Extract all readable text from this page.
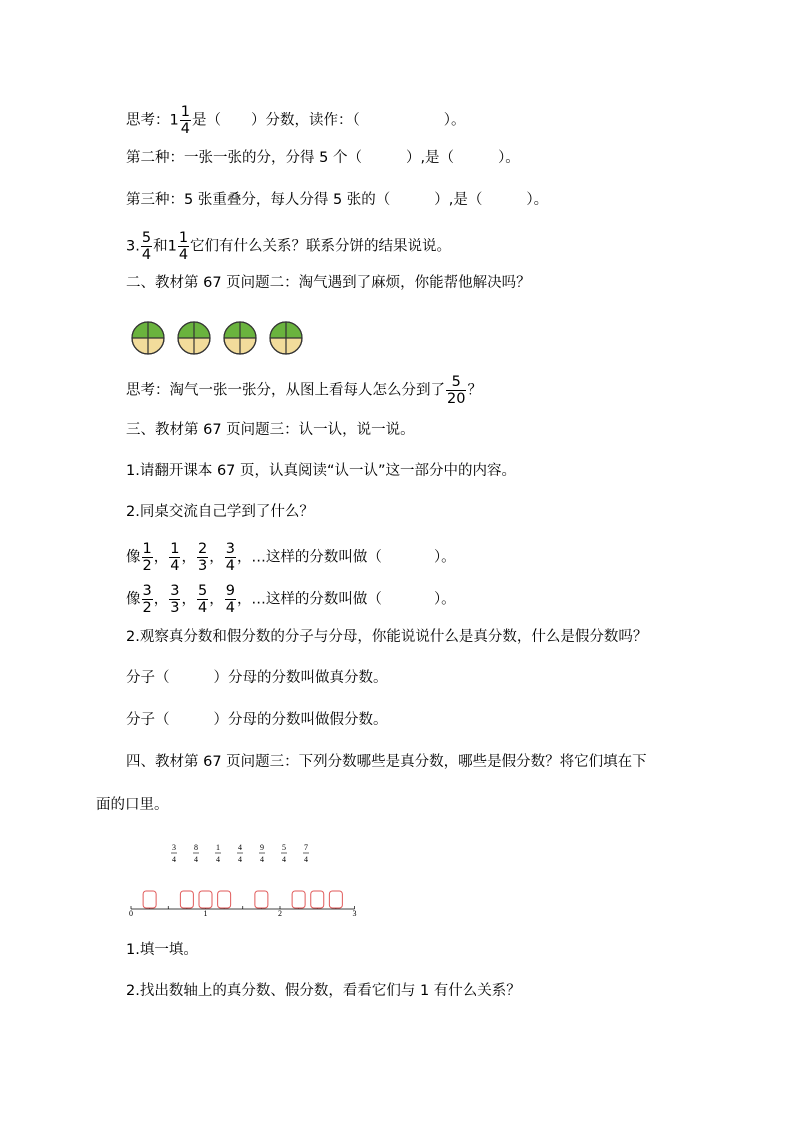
思考：$1 \frac{1}{4}$ 是（ ）分数，读作：（	）。
第二种：一张一张的分，分得 5 个（	）,是（	）。
第三种：5 张重叠分，每人分得 5 张的（	）,是（	）。
3. $\frac{5}{4}$ 和$1 \frac{1}{4}$ 它们有什么关系？联系分饼的结果说说。
二、教材第 67 页问题二：淘气遇到了麻烦，你能帮他解决吗？
思考：淘气一张一张分，从图上看每人怎么分到了 $\frac{5}{20}$ ？
三、教材第 67 页问题三：认一认，说一说。
1.请翻开课本 67 页，认真阅读“认一认”这一部分中的内容。
2.同桌交流自己学到了什么？
像 $\frac{1}{2}$ ， $\frac{1}{4}$ ， $\frac{2}{3}$ ， $\frac{3}{4}$ ，…这样的分数叫做（	）。
像 $\frac{3}{2}$ ， $\frac{3}{3}$ ， $\frac{5}{4}$ ， $\frac{9}{4}$ ，…这样的分数叫做（	）。
2.观察真分数和假分数的分子与分母，你能说说什么是真分数，什么是假分数吗？
分子（	）分母的分数叫做真分数。
分子（	）分母的分数叫做假分数。
四、教材第 67 页问题三：下列分数哪些是真分数，哪些是假分数？将它们填在下
面的口里。
3
4
8
4
1
4
4
4
9
4
5
4
7
4
0	1	2	3
1.填一填。
2.找出数轴上的真分数、假分数，看看它们与 1 有什么关系？
